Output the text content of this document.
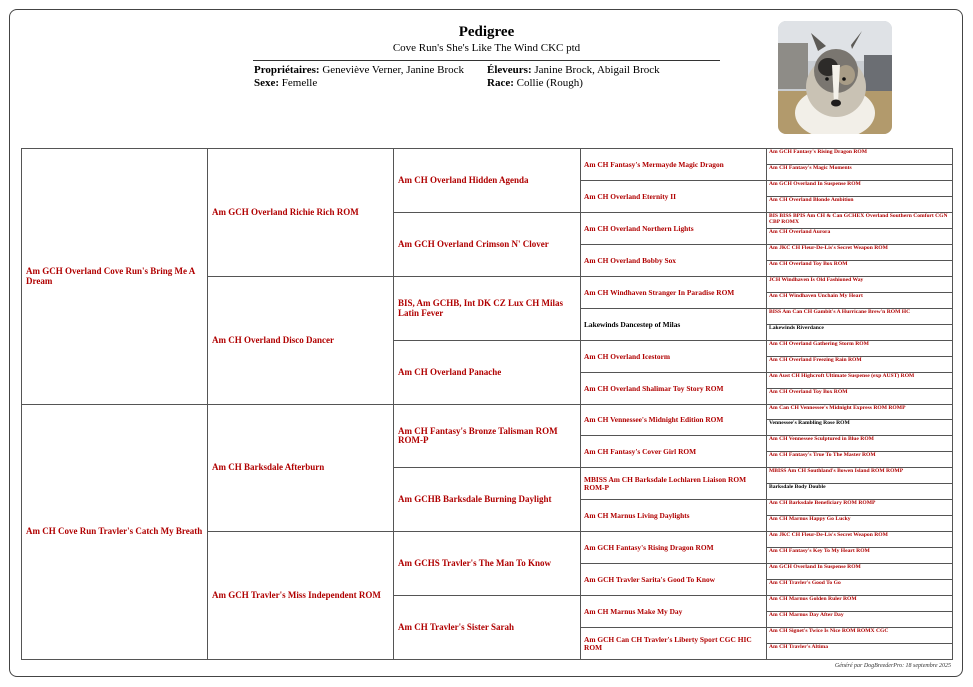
Pedigree
Cove Run's She's Like The Wind CKC ptd
Propriétaires: Geneviève Verner, Janine Brock Éleveurs: Janine Brock, Abigail Brock
Sexe: Femelle	Race: Collie (Rough)
Am GCH Overland Cove Run's Bring Me A Dream
Am CH Cove Run Travler's Catch My Breath
Am GCH Overland Richie Rich ROM
Am CH Overland Disco Dancer
Am CH Barksdale Afterburn
Am GCH Travler's Miss Independent ROM
Am CH Overland Hidden Agenda
Am GCH Overland Crimson N' Clover
BIS, Am GCHB, Int DK CZ Lux CH Milas Latin Fever
Am CH Overland Panache
Am CH Fantasy's Bronze Talisman ROM ROM-P
Am GCHB Barksdale Burning Daylight
Am GCHS Travler's The Man To Know
Am CH Travler's Sister Sarah
Am CH Fantasy's Mermayde Magic Dragon
Am CH Overland Eternity II
Am CH Overland Northern Lights
Am CH Overland Bobby Sox
Am CH Windhaven Stranger In Paradise ROM
Lakewinds Dancestep of Milas
Am CH Overland Icestorm
Am CH Overland Shalimar Toy Story ROM
Am CH Vennessee's Midnight Edition ROM
Am CH Fantasy's Cover Girl ROM
MBISS Am CH Barksdale Lochlaren Liaison ROM ROM-P
Am CH Marnus Living Daylights
Am GCH Fantasy's Rising Dragon ROM
Am GCH Travler Sarita's Good To Know
Am CH Marnus Make My Day
Am GCH Can CH Travler's Liberty Sport CGC HIC ROM
Am GCH Fantasy's Rising Dragon ROM
Am CH Fantasy's Magic Moments
Am GCH Overland In Suspense ROM
Am CH Overland Blonde Ambition
BIS BISS BPIS Am CH & Can GCHEX Overland Southern Comfort CGN CBP ROMX
Am CH Overland Aurora
Am JKC CH Fleur-De-Lis's Secret Weapon ROM
Am CH Overland Toy Box ROM
JCH Windhaven Is Old Fashioned Way
Am CH Windhaven Unchain My Heart
BISS Am Can CH Gambit's A Hurricane Brew'n ROM HC
Lakewinds Riverdance
Am CH Overland Gathering Storm ROM
Am CH Overland Freezing Rain ROM
Am Aust CH Highcroft Ultimate Suspense (exp AUST) ROM
Am CH Overland Toy Box ROM
Am Can CH Vennessee's Midnight Express ROM ROMP
Vennessee's Rambling Rose ROM
Am CH Vennessee Sculptured in Blue ROM
Am CH Fantasy's True To The Master ROM
MBISS Am CH Southland's Bowen Island ROM ROMP
Barksdale Body Double
Am CH Barksdale Beneficiary ROM ROMP
Am CH Marnus Happy Go Lucky
Am JKC CH Fleur-De-Lis's Secret Weapon ROM
Am CH Fantasy's Key To My Heart ROM
Am GCH Overland In Suspense ROM
Am CH Travler's Good To Go
Am CH Marnus Golden Ruler ROM
Am CH Marnus Day After Day
Am CH Signet's Twice Is Nice ROM ROMX CGC
Am CH Travler's Altima
Généré par DogBreederPro: 18 septembre 2025
